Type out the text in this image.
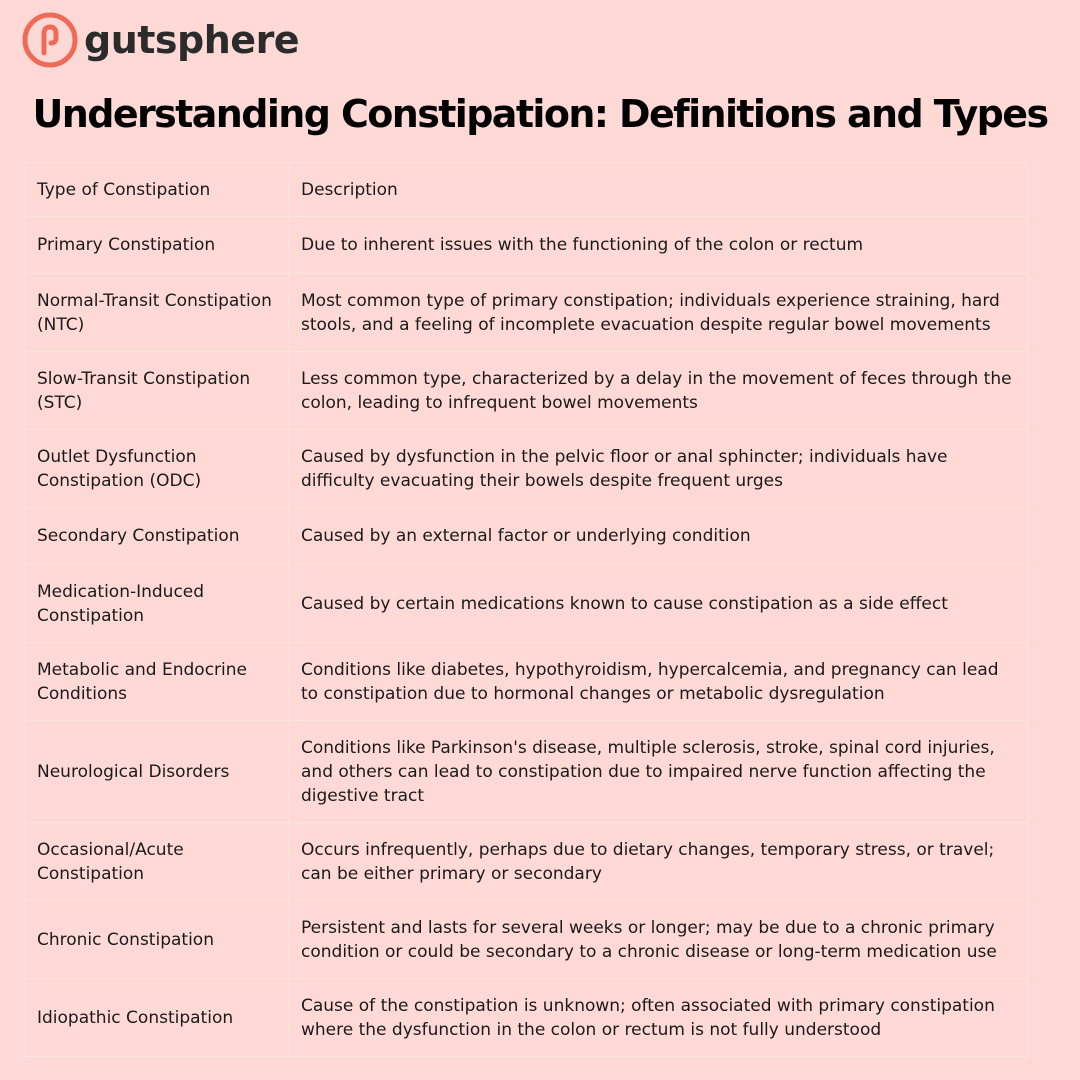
gutsphere
Understanding Constipation: Definitions and Types
Type of Constipation	Description
Primary Constipation	Due to inherent issues with the functioning of the colon or rectum
Normal-Transit Constipation (NTC)	Most common type of primary constipation; individuals experience straining, hard stools, and a feeling of incomplete evacuation despite regular bowel movements
Slow-Transit Constipation (STC)	Less common type, characterized by a delay in the movement of feces through the colon, leading to infrequent bowel movements
Outlet Dysfunction Constipation (ODC)	Caused by dysfunction in the pelvic floor or anal sphincter; individuals have difficulty evacuating their bowels despite frequent urges
Secondary Constipation	Caused by an external factor or underlying condition
Medication-Induced Constipation	Caused by certain medications known to cause constipation as a side effect
Metabolic and Endocrine Conditions	Conditions like diabetes, hypothyroidism, hypercalcemia, and pregnancy can lead to constipation due to hormonal changes or metabolic dysregulation
Neurological Disorders	Conditions like Parkinson's disease, multiple sclerosis, stroke, spinal cord injuries, and others can lead to constipation due to impaired nerve function affecting the digestive tract
Occasional/Acute Constipation	Occurs infrequently, perhaps due to dietary changes, temporary stress, or travel; can be either primary or secondary
Chronic Constipation	Persistent and lasts for several weeks or longer; may be due to a chronic primary condition or could be secondary to a chronic disease or long-term medication use
Idiopathic Constipation	Cause of the constipation is unknown; often associated with primary constipation where the dysfunction in the colon or rectum is not fully understood
